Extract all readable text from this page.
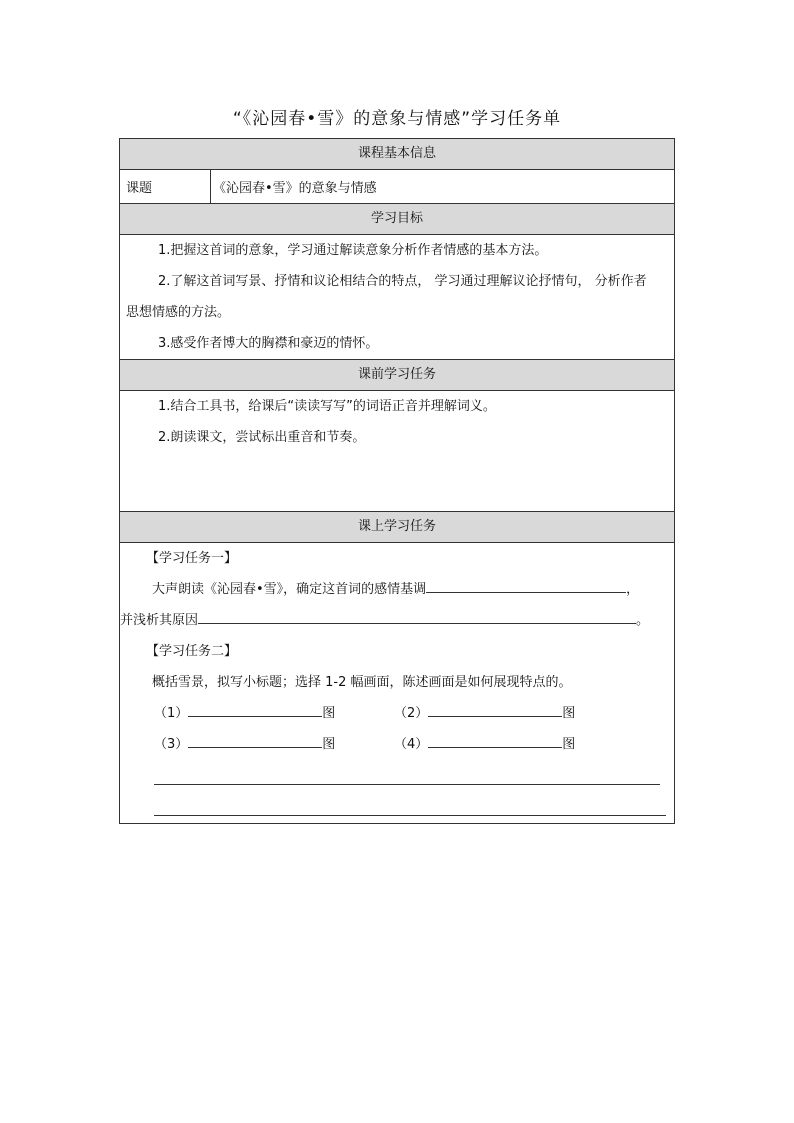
“《沁园春•雪》的意象与情感”学习任务单
课程基本信息
课题	《沁园春•雪》的意象与情感
学习目标

1.把握这首词的意象，学习通过解读意象分析作者情感的基本方法。

2.了解这首词写景、抒情和议论相结合的特点， 学习通过理解议论抒情句， 分析作者

思想情感的方法。

3.感受作者博大的胸襟和豪迈的情怀。

课前学习任务

1.结合工具书，给课后“读读写写”的词语正音并理解词义。

2.朗读课文，尝试标出重音和节奏。

课上学习任务

【学习任务一】
大声朗读《沁园春•雪》，确定这首词的感情基调	，
并浅析其原因	。
【学习任务二】
概括雪景，拟写小标题；选择 1-2 幅画面，陈述画面是如何展现特点的。
（1）	图	（2）	图
（3）	图	（4）	图
